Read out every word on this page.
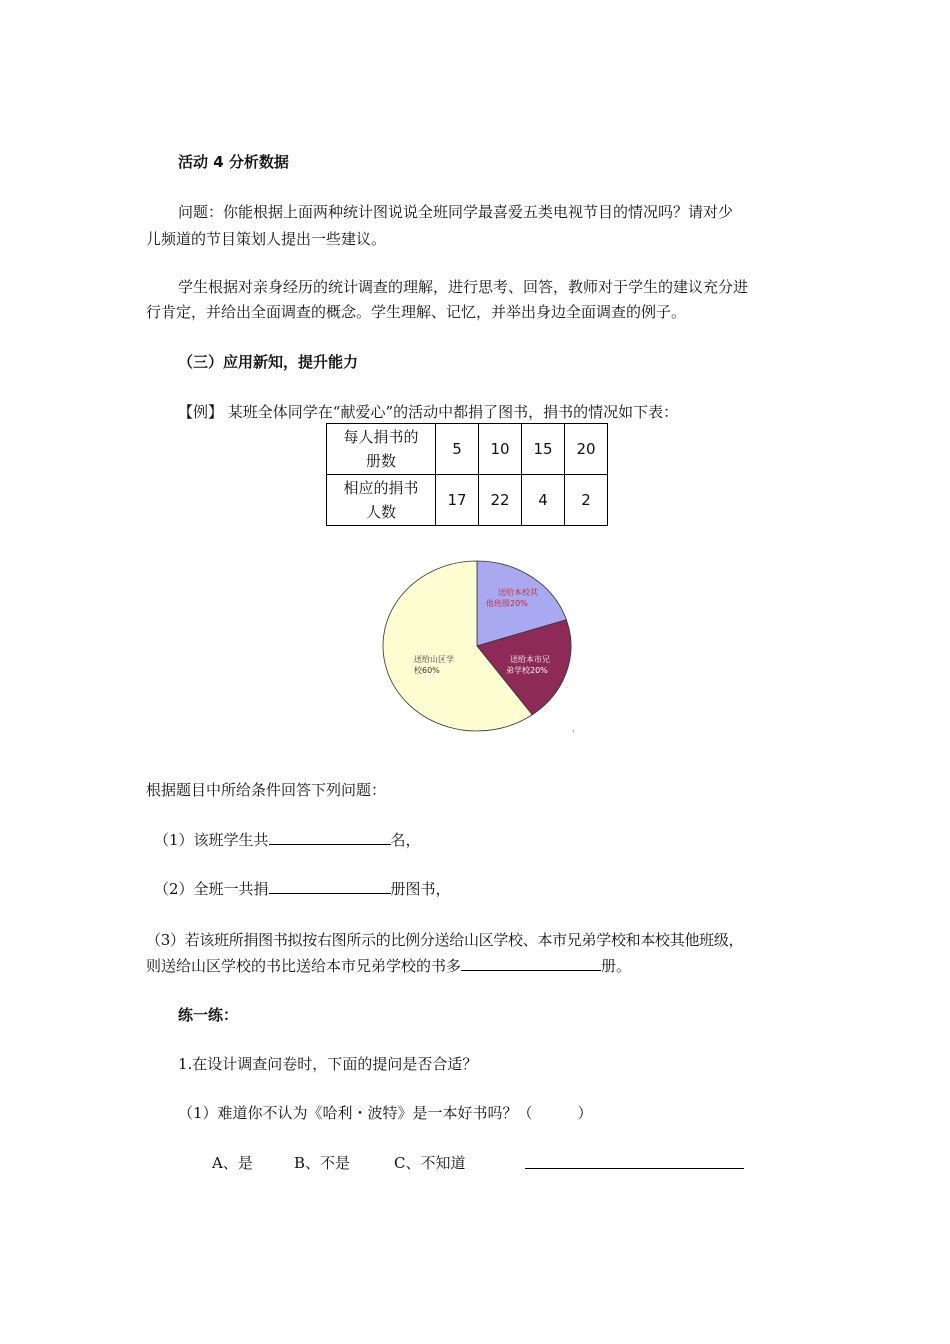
活动 4 分析数据
问题：你能根据上面两种统计图说说全班同学最喜爱五类电视节目的情况吗？请对少
儿频道的节目策划人提出一些建议。
学生根据对亲身经历的统计调查的理解，进行思考、回答，教师对于学生的建议充分进
行肯定，并给出全面调查的概念。学生理解、记忆，并举出身边全面调查的例子。
（三）应用新知，提升能力
【例】 某班全体同学在“献爱心”的活动中都捐了图书，捐书的情况如下表：
每人捐书的
册数	5	10	15	20

相应的捐书
人数	17	22	4	2
送给本校其
他班级20%
送给本市兄
弟学校20%
送给山区学
校60%
‹
根据题目中所给条件回答下列问题：
（1）该班学生共	名，
（2）全班一共捐	册图书，
（3）若该班所捐图书拟按右图所示的比例分送给山区学校、本市兄弟学校和本校其他班级，
则送给山区学校的书比送给本市兄弟学校的书多	册。
练一练：
1.在设计调查问卷时，下面的提问是否合适？
（1）难道你不认为《哈利・波特》是一本好书吗？（　　　）
A、是	B、不是	C、不知道
